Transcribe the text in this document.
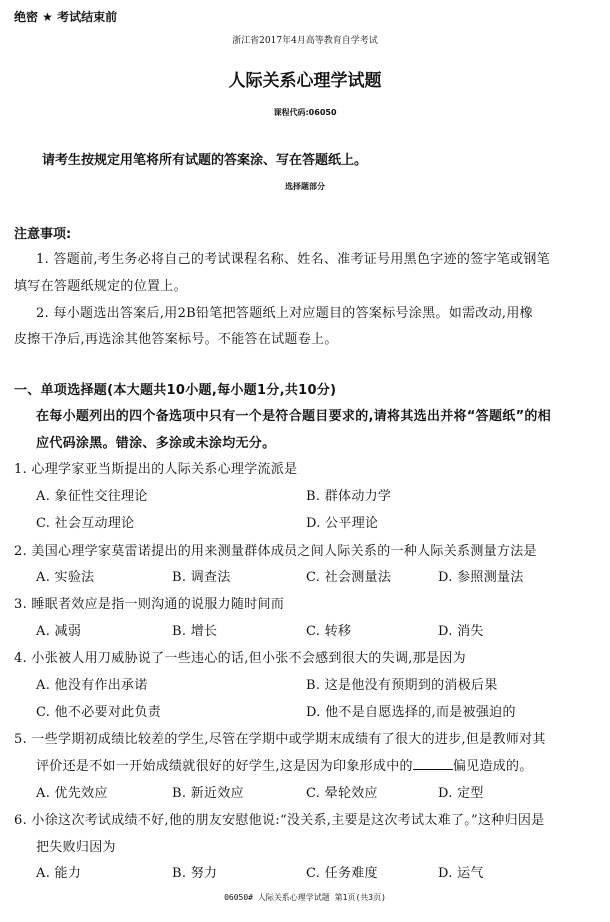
绝密 ★ 考试结束前
浙江省2017年4月高等教育自学考试
人际关系心理学试题
课程代码:06050
请考生按规定用笔将所有试题的答案涂、写在答题纸上。
选择题部分
注意事项:
1. 答题前,考生务必将自己的考试课程名称、姓名、准考证号用黑色字迹的签字笔或钢笔
填写在答题纸规定的位置上。
2. 每小题选出答案后,用2B铅笔把答题纸上对应题目的答案标号涂黑。如需改动,用橡
皮擦干净后,再选涂其他答案标号。不能答在试题卷上。
一、单项选择题(本大题共10小题,每小题1分,共10分)
在每小题列出的四个备选项中只有一个是符合题目要求的,请将其选出并将“答题纸”的相
应代码涂黑。错涂、多涂或未涂均无分。
1. 心理学家亚当斯提出的人际关系心理学流派是
A. 象征性交往理论	B. 群体动力学
C. 社会互动理论	D. 公平理论
2. 美国心理学家莫雷诺提出的用来测量群体成员之间人际关系的一种人际关系测量方法是
A. 实验法	B. 调查法	C. 社会测量法	D. 参照测量法
3. 睡眠者效应是指一则沟通的说服力随时间而
A. 减弱	B. 增长	C. 转移	D. 消失
4. 小张被人用刀威胁说了一些违心的话,但小张不会感到很大的失调,那是因为
A. 他没有作出承诺	B. 这是他没有预期到的消极后果
C. 他不必要对此负责	D. 他不是自愿选择的,而是被强迫的
5. 一些学期初成绩比较差的学生,尽管在学期中或学期末成绩有了很大的进步,但是教师对其
评价还是不如一开始成绩就很好的好学生,这是因为印象形成中的	偏见造成的。
A. 优先效应	B. 新近效应	C. 晕轮效应	D. 定型
6. 小徐这次考试成绩不好,他的朋友安慰他说:“没关系,主要是这次考试太难了。”这种归因是
把失败归因为
A. 能力	B. 努力	C. 任务难度	D. 运气
06050# 人际关系心理学试题 第1页(共3页)
